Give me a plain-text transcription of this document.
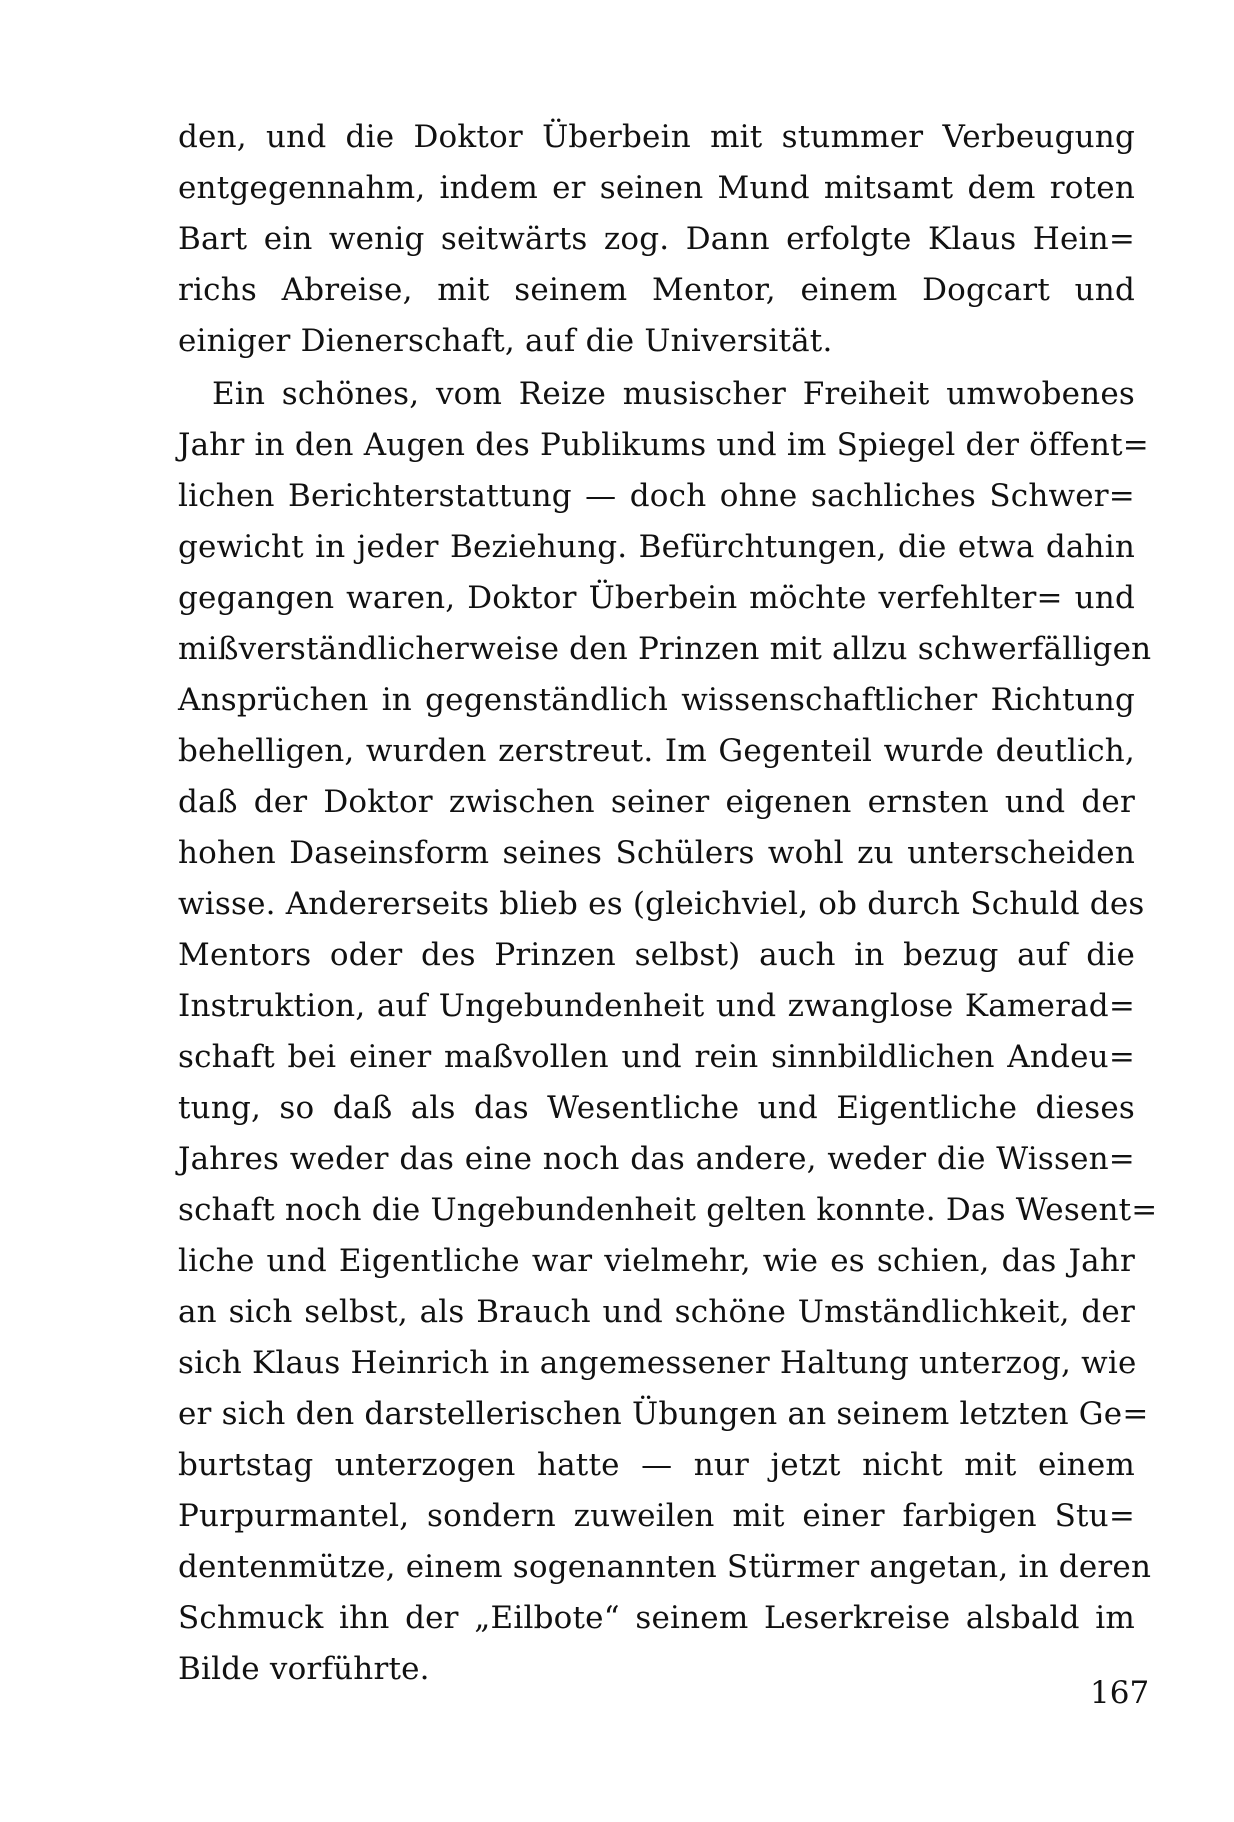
den, und die Doktor Überbein mit stummer Verbeugung
entgegennahm, indem er seinen Mund mitsamt dem roten
Bart ein wenig seitwärts zog. Dann erfolgte Klaus Hein=
richs Abreise, mit seinem Mentor, einem Dogcart und
einiger Dienerschaft, auf die Universität.
Ein schönes, vom Reize musischer Freiheit umwobenes
Jahr in den Augen des Publikums und im Spiegel der öffent=
lichen Berichterstattung — doch ohne sachliches Schwer=
gewicht in jeder Beziehung. Befürchtungen, die etwa dahin
gegangen waren, Doktor Überbein möchte verfehlter= und
mißverständlicherweise den Prinzen mit allzu schwerfälligen
Ansprüchen in gegenständlich wissenschaftlicher Richtung
behelligen, wurden zerstreut. Im Gegenteil wurde deutlich,
daß der Doktor zwischen seiner eigenen ernsten und der
hohen Daseinsform seines Schülers wohl zu unterscheiden
wisse. Andererseits blieb es (gleichviel, ob durch Schuld des
Mentors oder des Prinzen selbst) auch in bezug auf die
Instruktion, auf Ungebundenheit und zwanglose Kamerad=
schaft bei einer maßvollen und rein sinnbildlichen Andeu=
tung, so daß als das Wesentliche und Eigentliche dieses
Jahres weder das eine noch das andere, weder die Wissen=
schaft noch die Ungebundenheit gelten konnte. Das Wesent=
liche und Eigentliche war vielmehr, wie es schien, das Jahr
an sich selbst, als Brauch und schöne Umständlichkeit, der
sich Klaus Heinrich in angemessener Haltung unterzog, wie
er sich den darstellerischen Übungen an seinem letzten Ge=
burtstag unterzogen hatte — nur jetzt nicht mit einem
Purpurmantel, sondern zuweilen mit einer farbigen Stu=
dentenmütze, einem sogenannten Stürmer angetan, in deren
Schmuck ihn der „Eilbote“ seinem Leserkreise alsbald im
Bilde vorführte.
167
